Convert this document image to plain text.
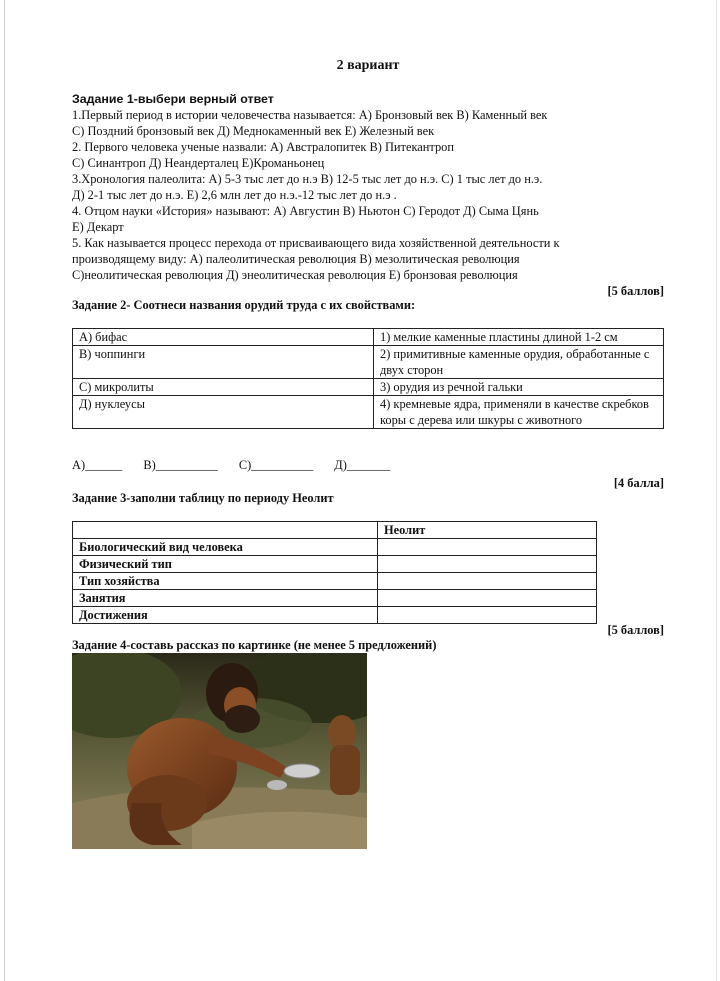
2 вариант
Задание 1-выбери верный ответ
1.Первый период в истории человечества называется: А) Бронзовый век В) Каменный век
С) Поздний бронзовый век Д) Меднокаменный век Е) Железный век
2. Первого человека ученые назвали: А) Австралопитек В) Питекантроп
С) Синантроп Д) Неандерталец Е)Кроманьонец
3.Хронология палеолита: А) 5-3 тыс лет до н.э В) 12-5 тыс лет до н.э. С) 1 тыс лет до н.э.
Д) 2-1 тыс лет до н.э. Е) 2,6 млн лет до н.э.-12 тыс лет до н.э .
4. Отцом науки «История» называют: А) Августин В) Ньютон С) Геродот Д) Сыма Цянь
Е) Декарт
5. Как называется процесс перехода от присваивающего вида хозяйственной деятельности к
производящему виду: А) палеолитическая революция В) мезолитическая революция
С)неолитическая революция Д) энеолитическая революция Е) бронзовая революция
[5 баллов]
Задание 2- Соотнеси названия орудий труда с их свойствами:
А) бифас	1) мелкие каменные пластины длиной 1-2 см
В) чоппинги	2) примитивные каменные орудия, обработанные с двух сторон
С) микролиты	3) орудия из речной гальки
Д) нуклеусы	4) кремневые ядра, применяли в качестве скребков коры с дерева или шкуры с животного
А)______ В)__________ С)__________ Д)_______
[4 балла]
Задание 3-заполни таблицу по периоду Неолит
	Неолит
Биологический вид человека	
Физический тип	
Тип хозяйства	
Занятия	
Достижения	
[5 баллов]
Задание 4-составь рассказ по картинке (не менее 5 предложений)
